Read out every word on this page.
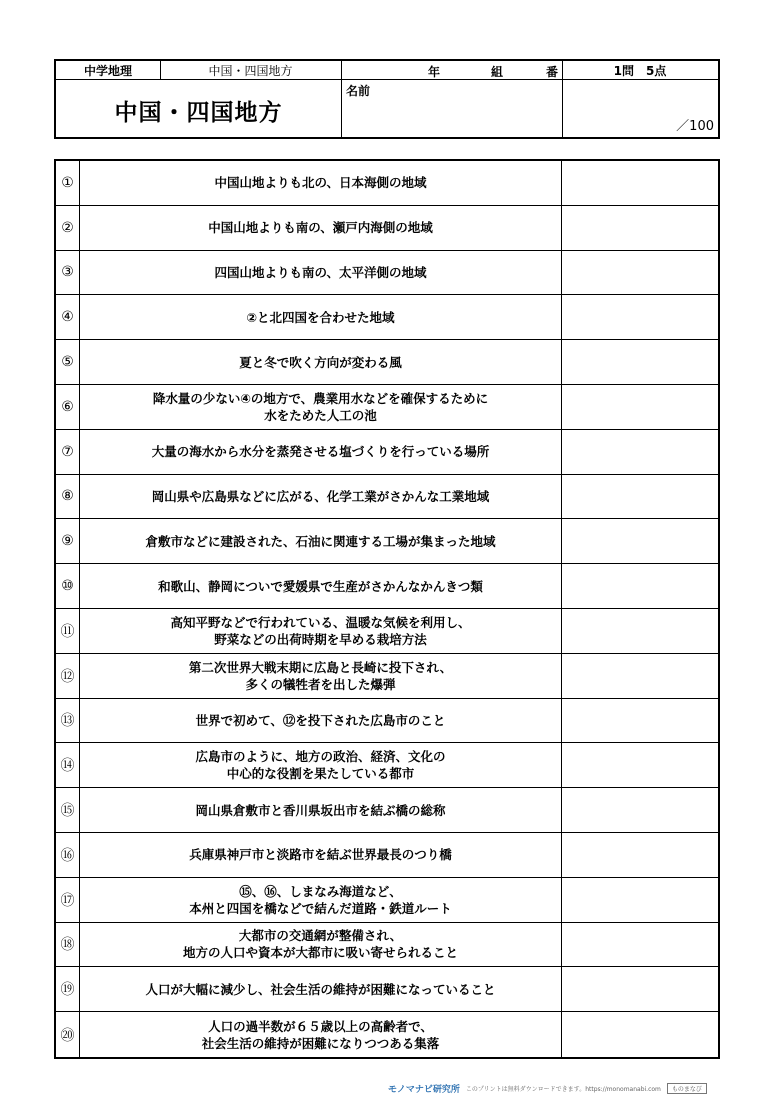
中学地理	中国・四国地方	年	組	番	1問　5点
中国・四国地方
名前
／100
①	中国山地よりも北の、日本海側の地域
②	中国山地よりも南の、瀬戸内海側の地域
③	四国山地よりも南の、太平洋側の地域
④	②と北四国を合わせた地域
⑤	夏と冬で吹く方向が変わる風
⑥
降水量の少ない④の地方で、農業用水などを確保するために
水をためた人工の池
⑦	大量の海水から水分を蒸発させる塩づくりを行っている場所
⑧	岡山県や広島県などに広がる、化学工業がさかんな工業地域
⑨	倉敷市などに建設された、石油に関連する工場が集まった地域
⑩	和歌山、静岡についで愛媛県で生産がさかんなかんきつ類
⑪
高知平野などで行われている、温暖な気候を利用し、
野菜などの出荷時期を早める栽培方法
⑫
第二次世界大戦末期に広島と長崎に投下され、
多くの犠牲者を出した爆弾
⑬	世界で初めて、⑫を投下された広島市のこと
⑭
広島市のように、地方の政治、経済、文化の
中心的な役割を果たしている都市
⑮	岡山県倉敷市と香川県坂出市を結ぶ橋の総称
⑯	兵庫県神戸市と淡路市を結ぶ世界最長のつり橋
⑰
⑮、⑯、しまなみ海道など、
本州と四国を橋などで結んだ道路・鉄道ルート
⑱
大都市の交通網が整備され、
地方の人口や資本が大都市に吸い寄せられること
⑲	人口が大幅に減少し、社会生活の維持が困難になっていること
⑳
人口の過半数が６５歳以上の高齢者で、
社会生活の維持が困難になりつつある集落
モノマナビ研究所 このプリントは無料ダウンロードできます。https://monomanabi.com	ものまなび
